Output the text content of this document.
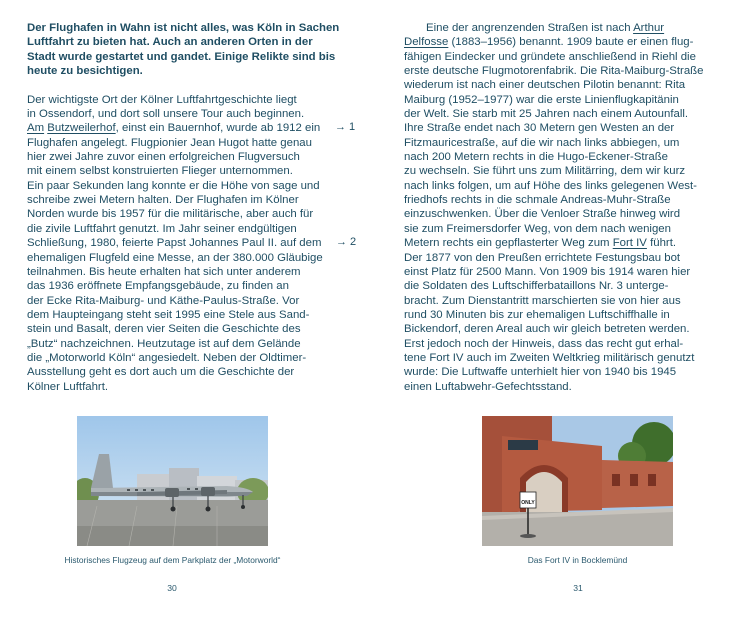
Der Flughafen in Wahn ist nicht alles, was Köln in Sachen
Luftfahrt zu bieten hat. Auch an anderen Orten in der
Stadt wurde gestartet und gandet. Einige Relikte sind bis
heute zu besichtigen.
Der wichtigste Ort der Kölner Luftfahrtgeschichte liegt
in Ossendorf, und dort soll unsere Tour auch beginnen.
Am Butzweilerhof, einst ein Bauernhof, wurde ab 1912 ein
Flughafen angelegt. Flugpionier Jean Hugot hatte genau
hier zwei Jahre zuvor einen erfolgreichen Flugversuch
mit einem selbst konstruierten Flieger unternommen.
Ein paar Sekunden lang konnte er die Höhe von sage und
schreibe zwei Metern halten. Der Flughafen im Kölner
Norden wurde bis 1957 für die militärische, aber auch für
die zivile Luftfahrt genutzt. Im Jahr seiner endgültigen
Schließung, 1980, feierte Papst Johannes Paul II. auf dem
ehemaligen Flugfeld eine Messe, an der 380.000 Gläubige
teilnahmen. Bis heute erhalten hat sich unter anderem
das 1936 eröffnete Empfangsgebäude, zu finden an
der Ecke Rita-Maiburg- und Käthe-Paulus-Straße. Vor
dem Haupteingang steht seit 1995 eine Stele aus Sand-
stein und Basalt, deren vier Seiten die Geschichte des
„Butz“ nachzeichnen. Heutzutage ist auf dem Gelände
die „Motorworld Köln“ angesiedelt. Neben der Oldtimer-
Ausstellung geht es dort auch um die Geschichte der
Kölner Luftfahrt.
→ 1
Historisches Flugzeug auf dem Parkplatz der „Motorworld“
30
→ 2
Eine der angrenzenden Straßen ist nach Arthur
Delfosse (1883–1956) benannt. 1909 baute er einen flug-
fähigen Eindecker und gründete anschließend in Riehl die
erste deutsche Flugmotorenfabrik. Die Rita-Maiburg-Straße
wiederum ist nach einer deutschen Pilotin benannt: Rita
Maiburg (1952–1977) war die erste Linienflugkapitänin
der Welt. Sie starb mit 25 Jahren nach einem Autounfall.
Ihre Straße endet nach 30 Metern gen Westen an der
Fitzmauricestraße, auf die wir nach links abbiegen, um
nach 200 Metern rechts in die Hugo-Eckener-Straße
zu wechseln. Sie führt uns zum Militärring, dem wir kurz
nach links folgen, um auf Höhe des links gelegenen West-
friedhofs rechts in die schmale Andreas-Muhr-Straße
einzuschwenken. Über die Venloer Straße hinweg wird
sie zum Freimersdorfer Weg, von dem nach wenigen
Metern rechts ein gepflasterter Weg zum Fort IV führt.
Der 1877 von den Preußen errichtete Festungsbau bot
einst Platz für 2500 Mann. Von 1909 bis 1914 waren hier
die Soldaten des Luftschifferbataillons Nr. 3 unterge-
bracht. Zum Dienstantritt marschierten sie von hier aus
rund 30 Minuten bis zur ehemaligen Luftschiffhalle in
Bickendorf, deren Areal auch wir gleich betreten werden.
Erst jedoch noch der Hinweis, dass das recht gut erhal-
tene Fort IV auch im Zweiten Weltkrieg militärisch genutzt
wurde: Die Luftwaffe unterhielt hier von 1940 bis 1945
einen Luftabwehr-Gefechtsstand.
ONLY
Das Fort IV in Bocklemünd
31
